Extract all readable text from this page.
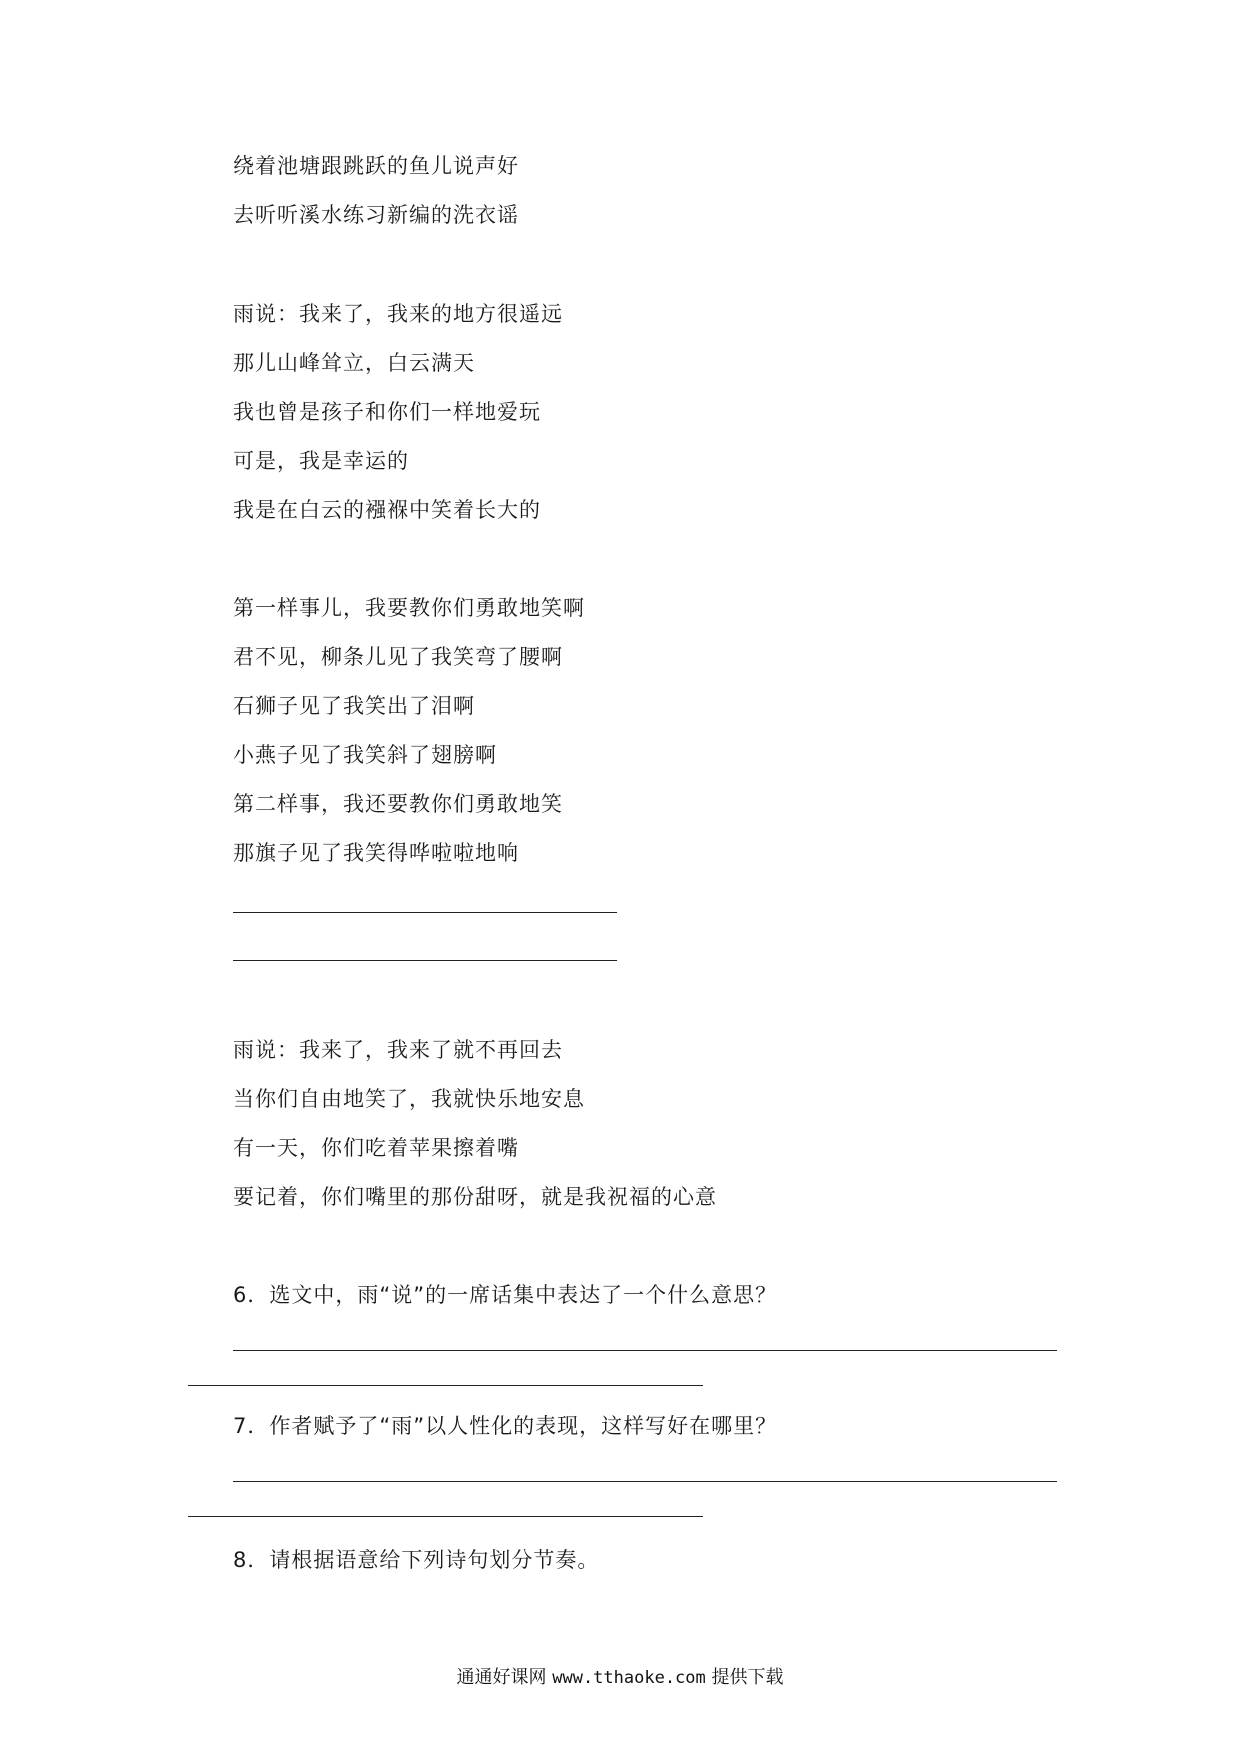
绕着池塘跟跳跃的鱼儿说声好
去听听溪水练习新编的洗衣谣
雨说：我来了，我来的地方很遥远
那儿山峰耸立，白云满天
我也曾是孩子和你们一样地爱玩
可是，我是幸运的
我是在白云的襁褓中笑着长大的
第一样事儿，我要教你们勇敢地笑啊
君不见，柳条儿见了我笑弯了腰啊
石狮子见了我笑出了泪啊
小燕子见了我笑斜了翅膀啊
第二样事，我还要教你们勇敢地笑
那旗子见了我笑得哗啦啦地响
雨说：我来了，我来了就不再回去
当你们自由地笑了，我就快乐地安息
有一天，你们吃着苹果擦着嘴
要记着，你们嘴里的那份甜呀，就是我祝福的心意
6．选文中，雨“说”的一席话集中表达了一个什么意思？
7．作者赋予了“雨”以人性化的表现，这样写好在哪里？
8．请根据语意给下列诗句划分节奏。
通通好课网 www.tthaoke.com 提供下载
